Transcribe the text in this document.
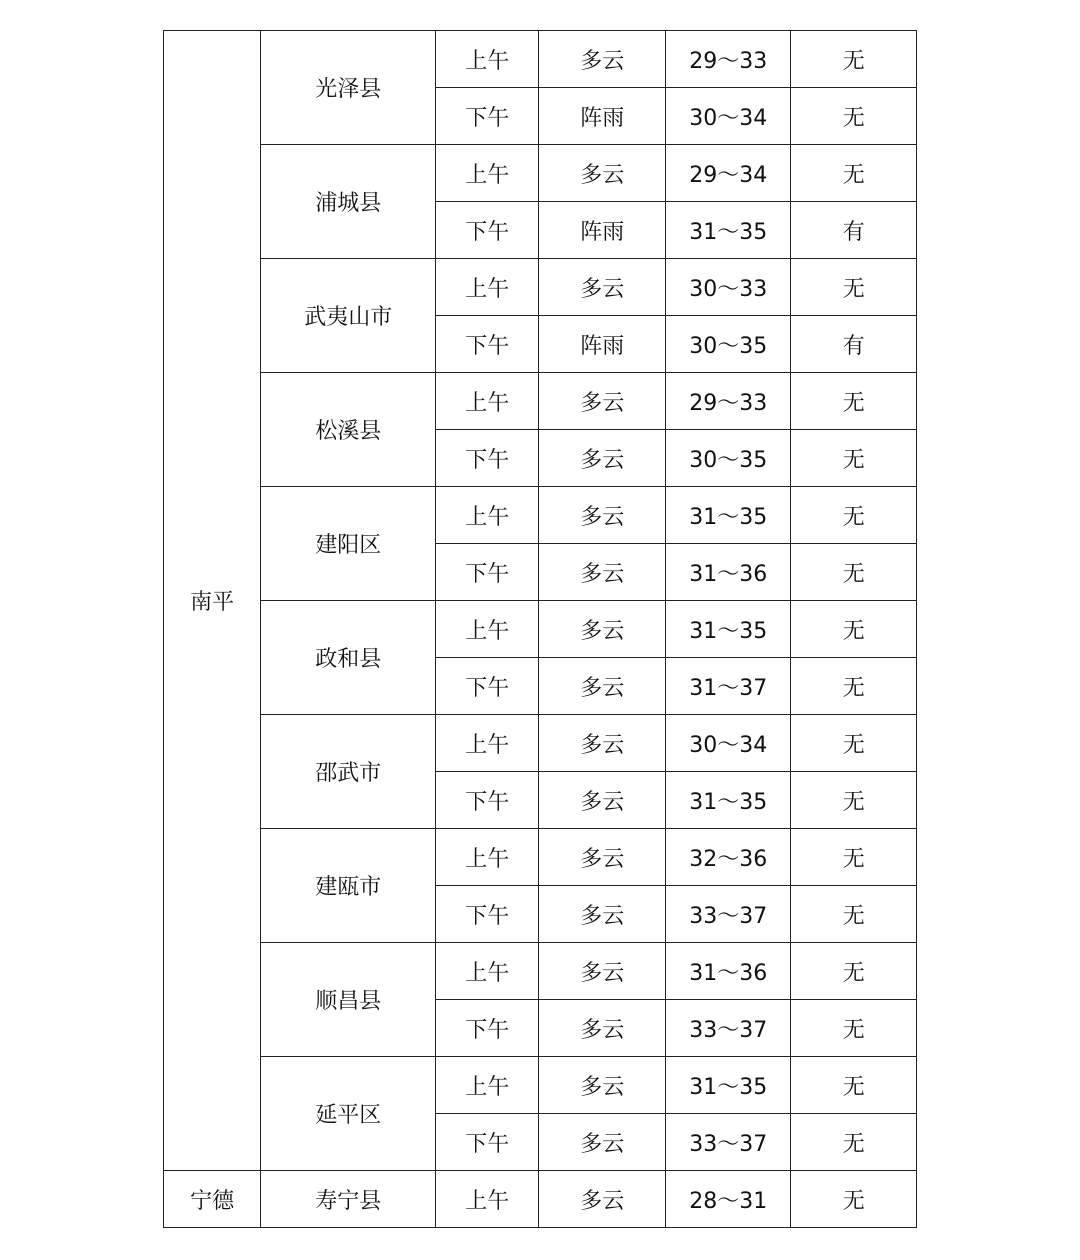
南平	光泽县	上午	多云	29～33	无
		下午	阵雨	30～34	无
	浦城县	上午	多云	29～34	无
		下午	阵雨	31～35	有
	武夷山市	上午	多云	30～33	无
		下午	阵雨	30～35	有
	松溪县	上午	多云	29～33	无
		下午	多云	30～35	无
	建阳区	上午	多云	31～35	无
		下午	多云	31～36	无
	政和县	上午	多云	31～35	无
		下午	多云	31～37	无
	邵武市	上午	多云	30～34	无
		下午	多云	31～35	无
	建瓯市	上午	多云	32～36	无
		下午	多云	33～37	无
	顺昌县	上午	多云	31～36	无
		下午	多云	33～37	无
	延平区	上午	多云	31～35	无
		下午	多云	33～37	无
宁德	寿宁县	上午	多云	28～31	无
